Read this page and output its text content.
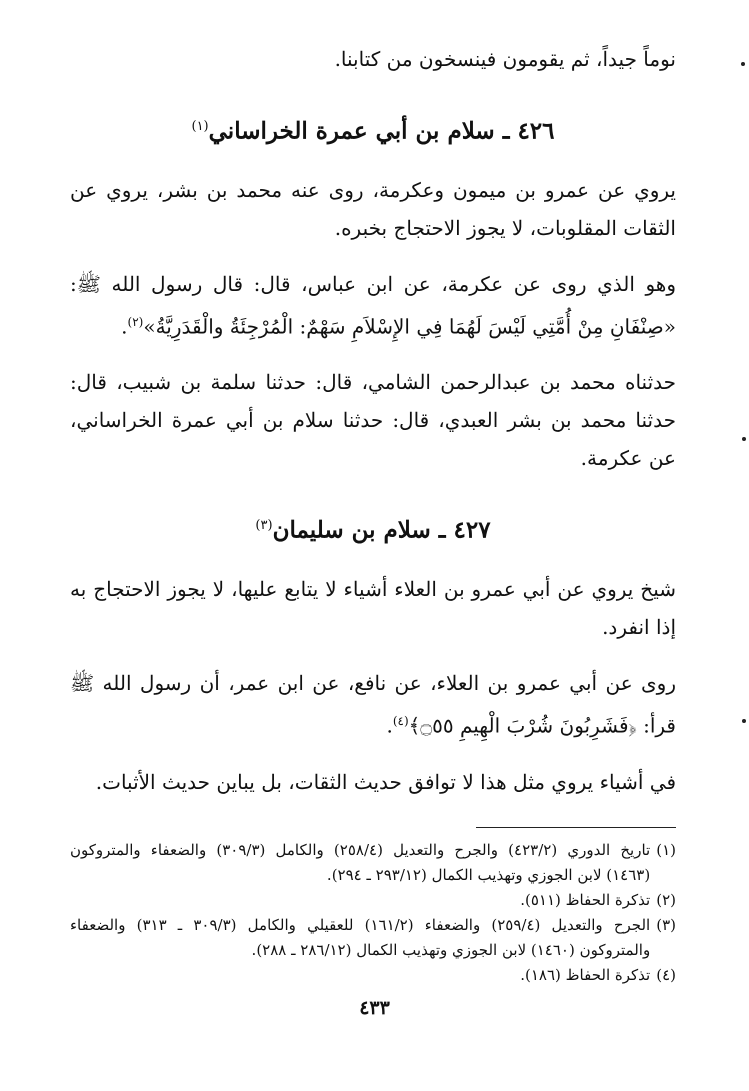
نوماً جيداً، ثم يقومون فينسخون من كتابنا.

٤٢٦ ـ سلام بن أبي عمرة الخراساني$^{(١)}$

يروي عن عمرو بن ميمون وعكرمة، روى عنه محمد بن بشر، يروي عن الثقات المقلوبات، لا يجوز الاحتجاج بخبره.

وهو الذي روى عن عكرمة، عن ابن عباس، قال: قال رسول الله ﷺ: «صِنْفَانِ مِنْ أُمَّتِي لَيْسَ لَهُمَا فِي الإِسْلاَمِ سَهْمٌ: الْمُرْجِئَةُ والْقَدَرِيَّةُ»$^{(٢)}$.

حدثناه محمد بن عبدالرحمن الشامي، قال: حدثنا سلمة بن شبيب، قال: حدثنا محمد بن بشر العبدي، قال: حدثنا سلام بن أبي عمرة الخراساني، عن عكرمة.

٤٢٧ ـ سلام بن سليمان$^{(٣)}$

شيخ يروي عن أبي عمرو بن العلاء أشياء لا يتابع عليها، لا يجوز الاحتجاج به إذا انفرد.

روى عن أبي عمرو بن العلاء، عن نافع، عن ابن عمر، أن رسول الله ﷺ قرأ: ﴿فَشَرِبُونَ شُرْبَ الْهِيمِ ۝٥٥﴾$^{(٤)}$.

في أشياء يروي مثل هذا لا توافق حديث الثقات، بل يباين حديث الأثبات.

(١)
تاريخ الدوري (٤٢٣/٢) والجرح والتعديل (٢٥٨/٤) والكامل (٣٠٩/٣) والضعفاء والمتروكون (١٤٦٣) لابن الجوزي وتهذيب الكمال (٢٩٣/١٢ ـ ٢٩٤).
(٢)
تذكرة الحفاظ (٥١١).
(٣)
الجرح والتعديل (٢٥٩/٤) والضعفاء (١٦١/٢) للعقيلي والكامل (٣٠٩/٣ ـ ٣١٣) والضعفاء والمتروكون (١٤٦٠) لابن الجوزي وتهذيب الكمال (٢٨٦/١٢ ـ ٢٨٨).
(٤)
تذكرة الحفاظ (١٨٦).
٤٣٣
